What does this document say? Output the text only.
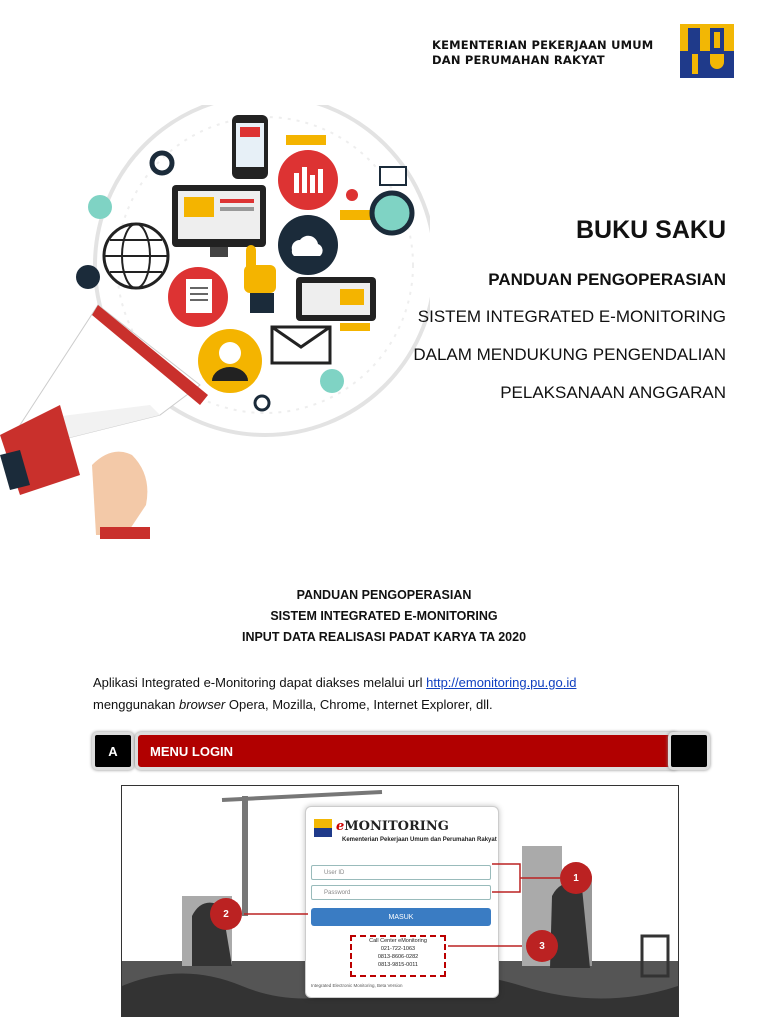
KEMENTERIAN PEKERJAAN UMUM
DAN PERUMAHAN RAKYAT
BUKU SAKU
PANDUAN PENGOPERASIAN
SISTEM INTEGRATED E-MONITORING
DALAM MENDUKUNG PENGENDALIAN
PELAKSANAAN ANGGARAN
PANDUAN PENGOPERASIAN
SISTEM INTEGRATED E-MONITORING
INPUT DATA REALISASI PADAT KARYA TA 2020
Aplikasi Integrated e-Monitoring dapat diakses melalui url http://emonitoring.pu.go.id
menggunakan browser Opera, Mozilla, Chrome, Internet Explorer, dll.
A	MENU LOGIN
eMONITORING
Kementerian Pekerjaan Umum dan Perumahan Rakyat
User ID
Password
MASUK
Call Center eMonitoring
021-722-1063
0813-8606-0282
0813-9815-0011
Integrated Electronic Monitoring, Beta Version
1
2
3
